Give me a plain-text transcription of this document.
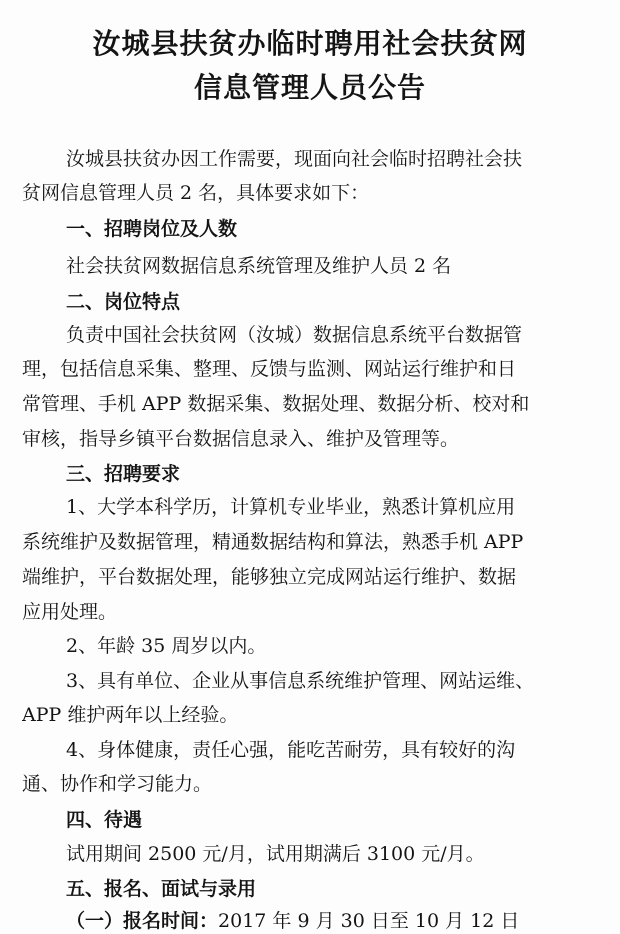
汝城县扶贫办临时聘用社会扶贫网
信息管理人员公告
汝城县扶贫办因工作需要，现面向社会临时招聘社会扶
贫网信息管理人员 2 名，具体要求如下：
一、招聘岗位及人数
社会扶贫网数据信息系统管理及维护人员 2 名
二、岗位特点
负责中国社会扶贫网（汝城）数据信息系统平台数据管
理，包括信息采集、整理、反馈与监测、网站运行维护和日
常管理、手机 APP 数据采集、数据处理、数据分析、校对和
审核，指导乡镇平台数据信息录入、维护及管理等。
三、招聘要求
1、大学本科学历，计算机专业毕业，熟悉计算机应用
系统维护及数据管理，精通数据结构和算法，熟悉手机 APP
端维护，平台数据处理，能够独立完成网站运行维护、数据
应用处理。
2、年龄 35 周岁以内。
3、具有单位、企业从事信息系统维护管理、网站运维、
APP 维护两年以上经验。
4、身体健康，责任心强，能吃苦耐劳，具有较好的沟
通、协作和学习能力。
四、待遇
试用期间 2500 元/月，试用期满后 3100 元/月。
五、报名、面试与录用
（一）报名时间：2017 年 9 月 30 日至 10 月 12 日
